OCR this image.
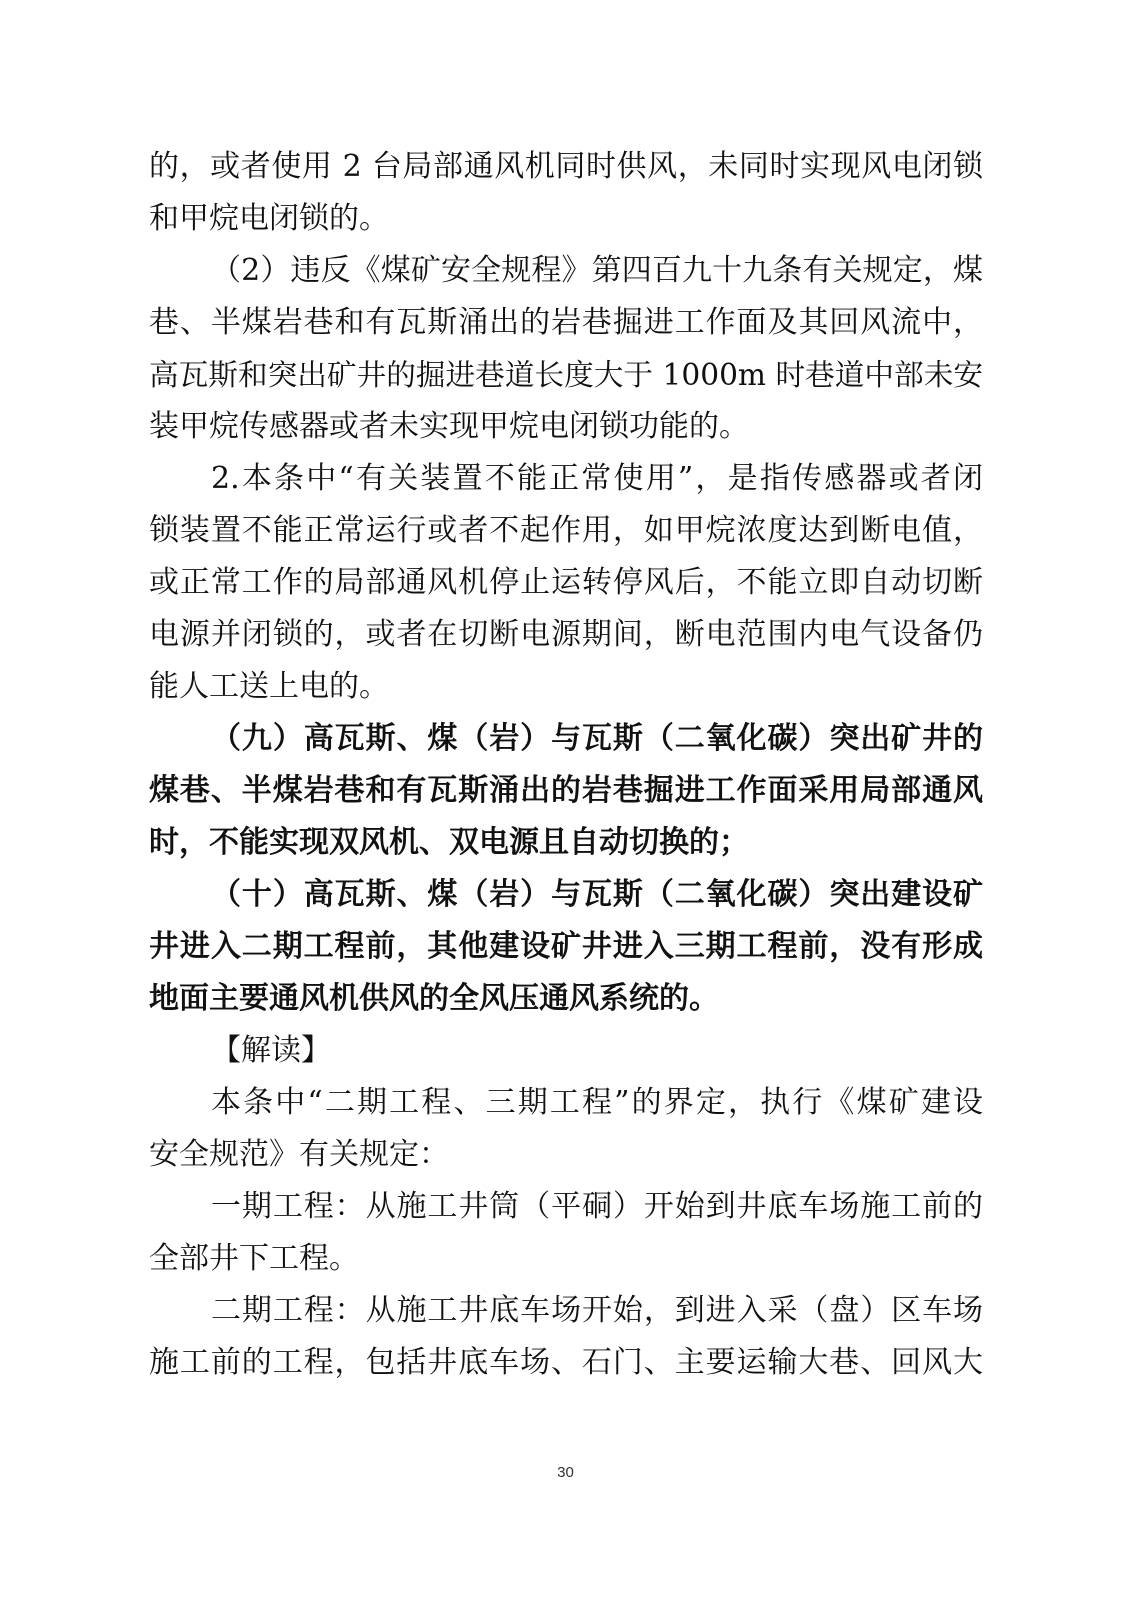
的，或者使用 2 台局部通风机同时供风，未同时实现风电闭锁
和甲烷电闭锁的。
（2）违反《煤矿安全规程》第四百九十九条有关规定，煤
巷、半煤岩巷和有瓦斯涌出的岩巷掘进工作面及其回风流中，
高瓦斯和突出矿井的掘进巷道长度大于 1000m 时巷道中部未安
装甲烷传感器或者未实现甲烷电闭锁功能的。
2.本条中“有关装置不能正常使用”，是指传感器或者闭
锁装置不能正常运行或者不起作用，如甲烷浓度达到断电值，
或正常工作的局部通风机停止运转停风后，不能立即自动切断
电源并闭锁的，或者在切断电源期间，断电范围内电气设备仍
能人工送上电的。
（九）高瓦斯、煤（岩）与瓦斯（二氧化碳）突出矿井的
煤巷、半煤岩巷和有瓦斯涌出的岩巷掘进工作面采用局部通风
时，不能实现双风机、双电源且自动切换的；
（十）高瓦斯、煤（岩）与瓦斯（二氧化碳）突出建设矿
井进入二期工程前，其他建设矿井进入三期工程前，没有形成
地面主要通风机供风的全风压通风系统的。
【解读】
本条中“二期工程、三期工程”的界定，执行《煤矿建设
安全规范》有关规定：
一期工程：从施工井筒（平硐）开始到井底车场施工前的
全部井下工程。
二期工程：从施工井底车场开始，到进入采（盘）区车场
施工前的工程，包括井底车场、石门、主要运输大巷、回风大
30
